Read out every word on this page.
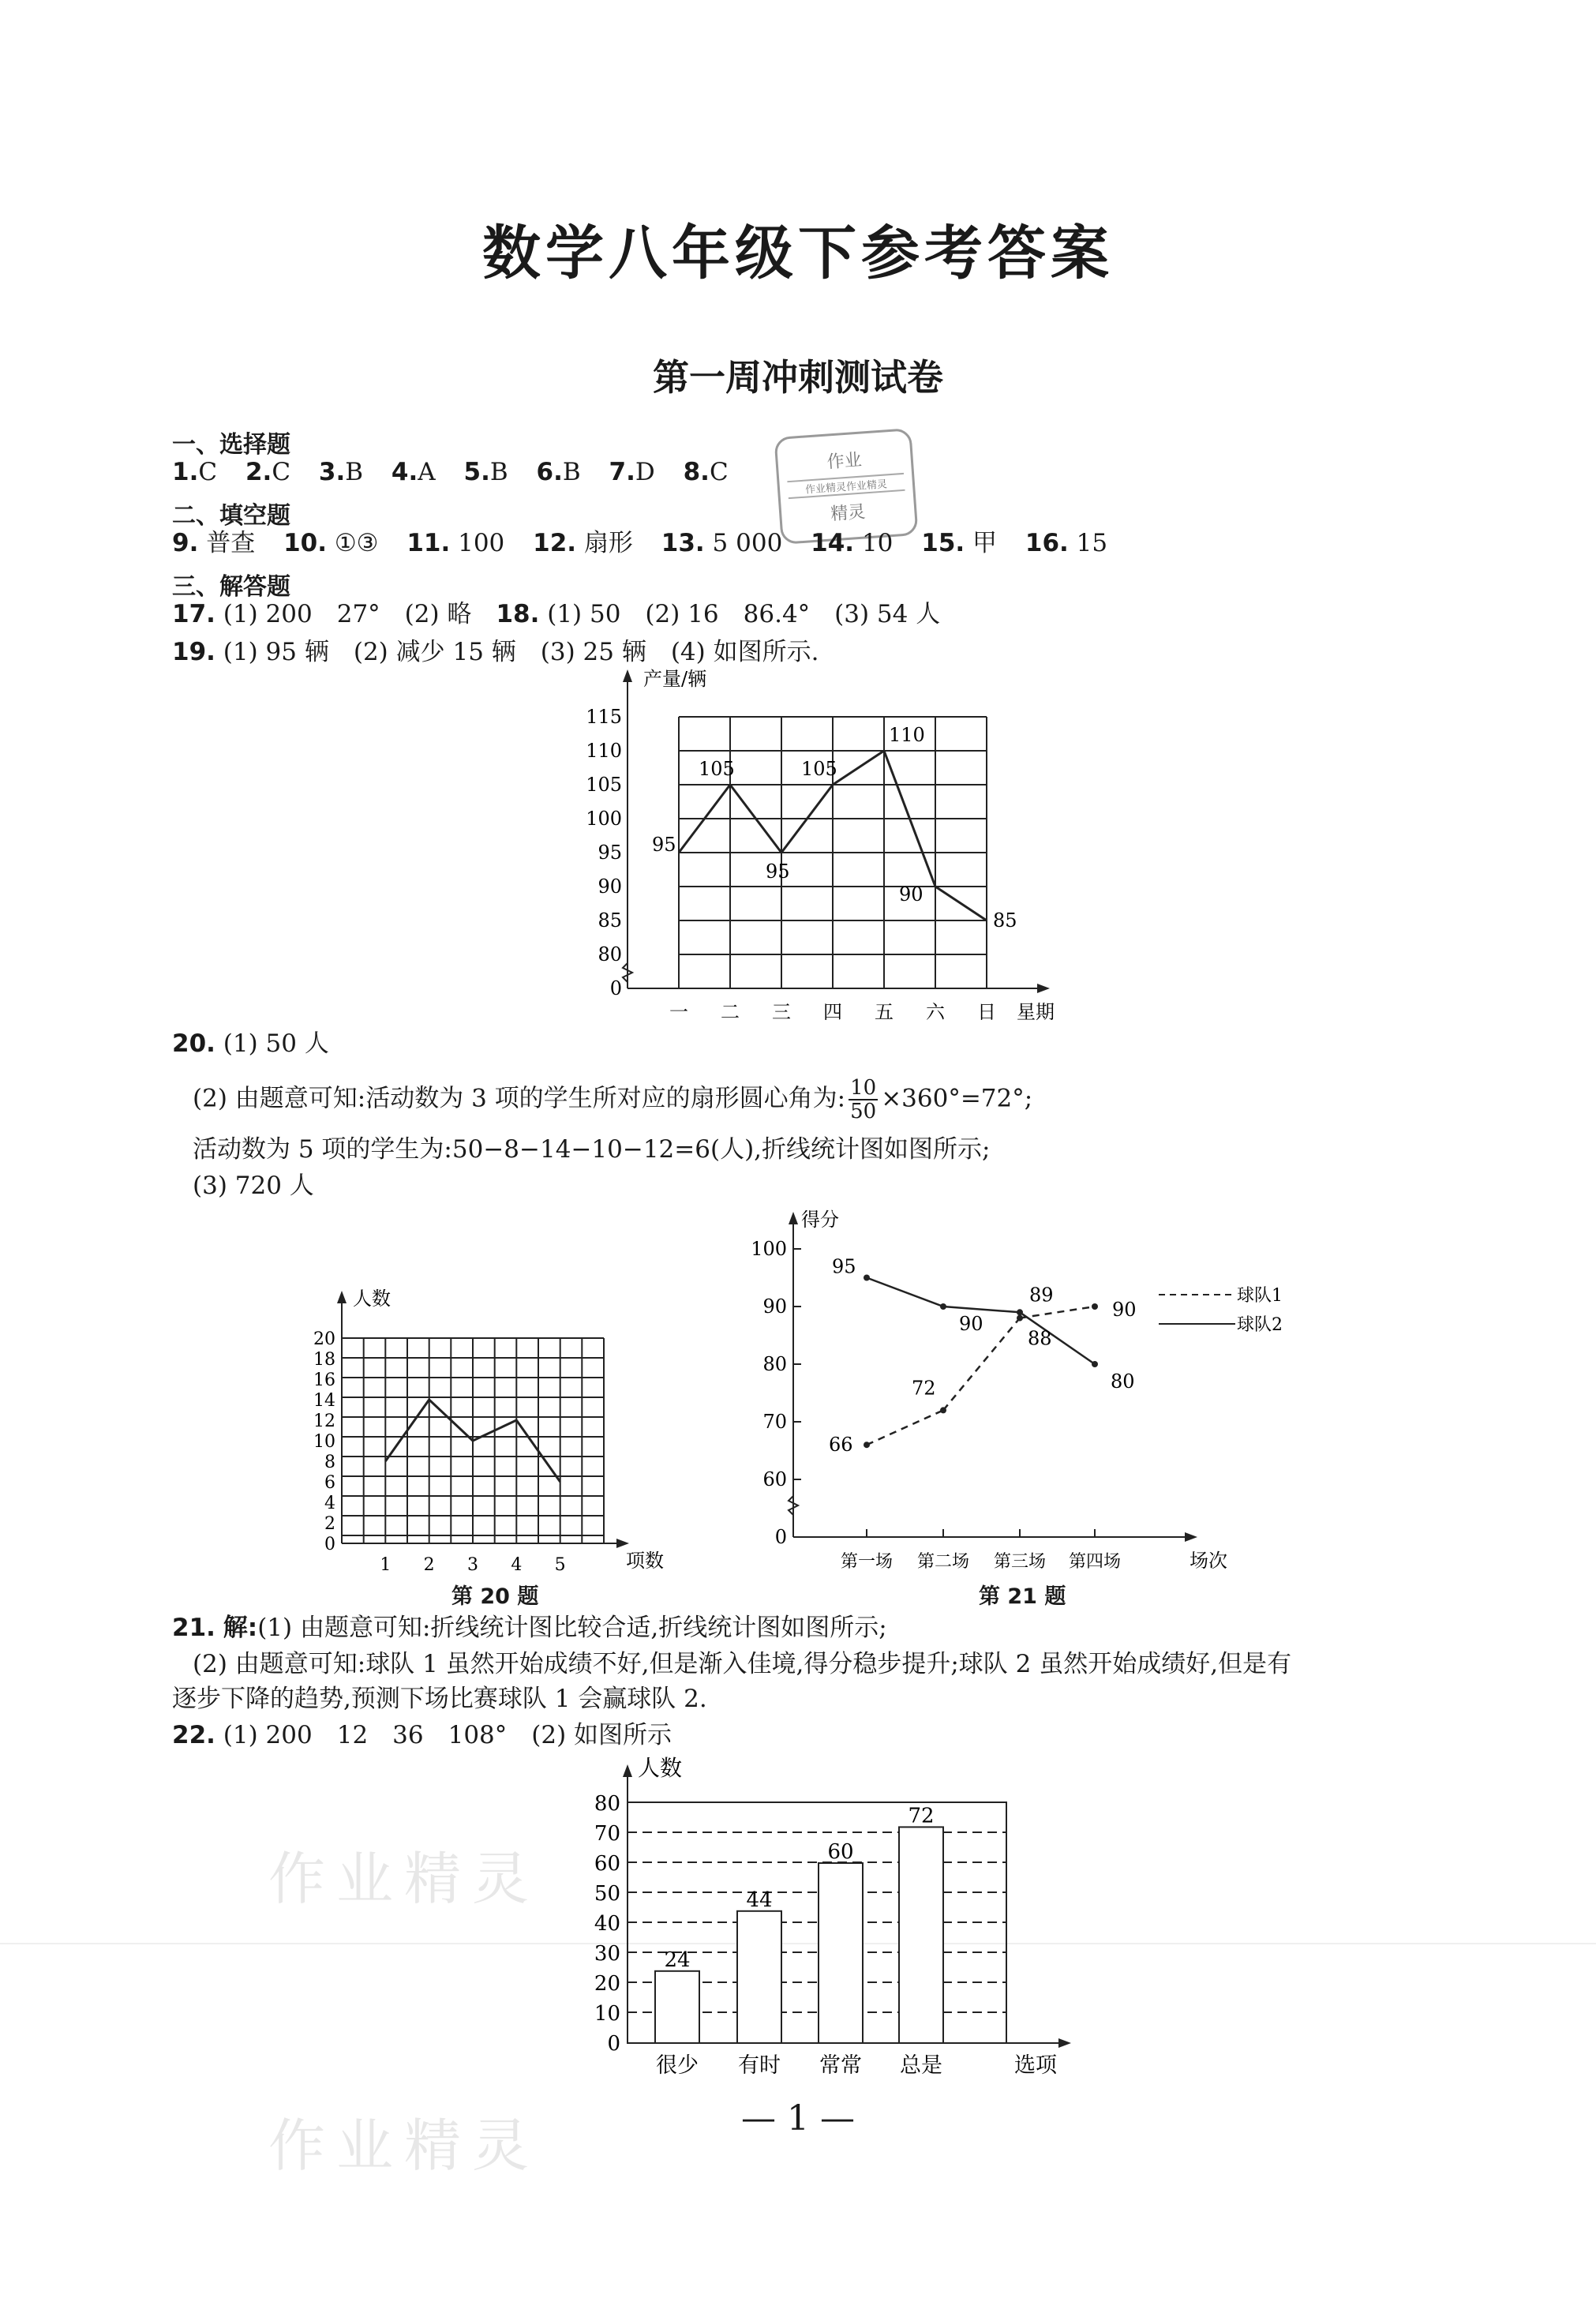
作业精灵
作业精灵
数学八年级下参考答案
第一周冲刺测试卷
作业
作业精灵作业精灵
精灵
一、选择题
1.C 2.C 3.B 4.A 5.B 6.B 7.D 8.C
二、填空题
9. 普查 10. ①③ 11. 100 12. 扇形 13. 5 000 14. 10 15. 甲 16. 15
三、解答题
17. (1) 200　27°　(2) 略　 18. (1) 50　(2) 16　86.4°　(3) 54 人
19. (1) 95 辆　(2) 减少 15 辆　(3) 25 辆　(4) 如图所示.
产量/辆
星期
0
80
85
90
95
100
105
110
115
一 二 三 四 五 六 日
95
105
95
105
110
90
85
20. (1) 50 人
(2) 由题意可知:活动数为 3 项的学生所对应的扇形圆心角为: $\frac{10}{50} \times 360^\circ=72^\circ$;
活动数为 5 项的学生为:50−8−14−10−12=6(人),折线统计图如图所示;
(3) 720 人
人数
项数
0
2
4
6
8
10
12
14
16
18
20
1 2 3 4 5
得分
场次
0
60
70
80
90
100
第一场 第二场 第三场 第四场
66
72
88
90
95
90
89
80
球队1
球队2
第 20 题	第 21 题
21. 解:(1) 由题意可知:折线统计图比较合适,折线统计图如图所示;
(2) 由题意可知:球队 1 虽然开始成绩不好,但是渐入佳境,得分稳步提升;球队 2 虽然开始成绩好,但是有
逐步下降的趋势,预测下场比赛球队 1 会赢球队 2.
22. (1) 200　12　36　108°　(2) 如图所示
人数
选项
0
10
20
30
40
50
60
70
80
很少 有时 常常 总是
24
44
60
72
— 1 —
